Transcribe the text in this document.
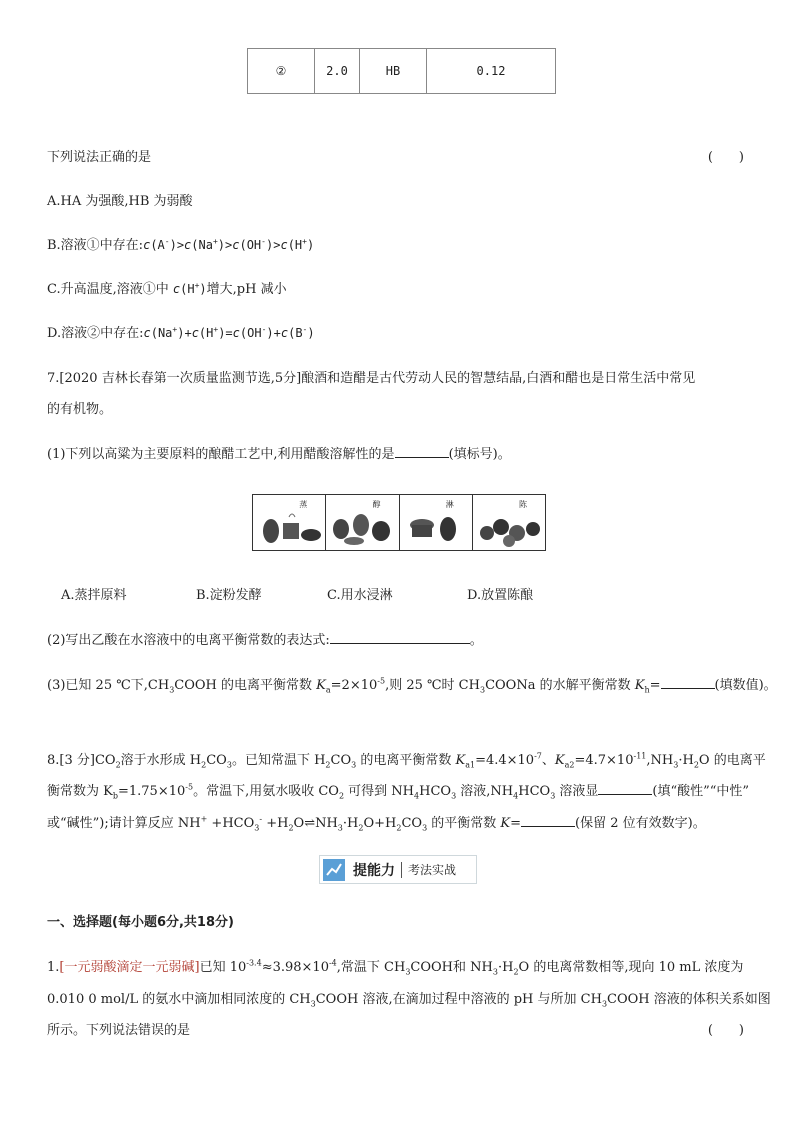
②	2.0	HB	0.12
下列说法正确的是	(　　)
A.HA 为强酸,HB 为弱酸
B.溶液①中存在:c(A-)>c(Na+)>c(OH-)>c(H+)
C.升高温度,溶液①中 c(H+)增大,pH 减小
D.溶液②中存在:c(Na+)+c(H+)=c(OH-)+c(B-)
7.[2020 吉林长春第一次质量监测节选,5分]酿酒和造醋是古代劳动人民的智慧结晶,白酒和醋也是日常生活中常见
的有机物。
(1)下列以高粱为主要原料的酿醋工艺中,利用醋酸溶解性的是	(填标号)。
蒸	醇	淋	陈
A.蒸拌原料	B.淀粉发酵	C.用水浸淋	D.放置陈酿
(2)写出乙酸在水溶液中的电离平衡常数的表达式:	。
(3)已知 25 ℃下$,CH_3COOH$ 的电离平衡常数 $K_a=2\times 10^{-5}$,则 25 ℃时 $CH_3COONa$ 的水解平衡常数 $K_h=$	(填数值)。
8.[3 分]$CO_2$溶于水形成 $H_2CO_3$。已知常温下 $H_2CO_3$ 的电离平衡常数 $K_{a1}=4.4\times 10^{-7}$、$K_{a2}=4.7\times 10^{-11},NH_3\cdot H_2O$ 的电离平
衡常数为 $K_b=1.75\times 10^{-5}$。常温下,用氨水吸收 $CO_2$ 可得到 $NH_4HCO_3$ 溶液$,NH_4HCO_3$ 溶液显	(填“酸性”“中性”
或“碱性”);请计算反应 $NH^+ +HCO_3^-$ $+H_2O\rightleftharpoons NH_3\cdot H_2O+H_2CO_3$ 的平衡常数 K=	(保留 2 位有效数字)。
提能力 考法实战
一、选择题(每小题6分,共18分)
1.[一元弱酸滴定一元弱碱]已知 $10^{-3.4}\approx 3.98\times 10^{-4}$,常温下 $CH_3COOH$和 $NH_3\cdot H_2O$ 的电离常数相等,现向 10 mL 浓度为
0.010 0 mol/L 的氨水中滴加相同浓度的 $CH_3COOH$ 溶液,在滴加过程中溶液的 pH 与所加 $CH_3COOH$ 溶液的体积关系如图
所示。下列说法错误的是	(　　)
